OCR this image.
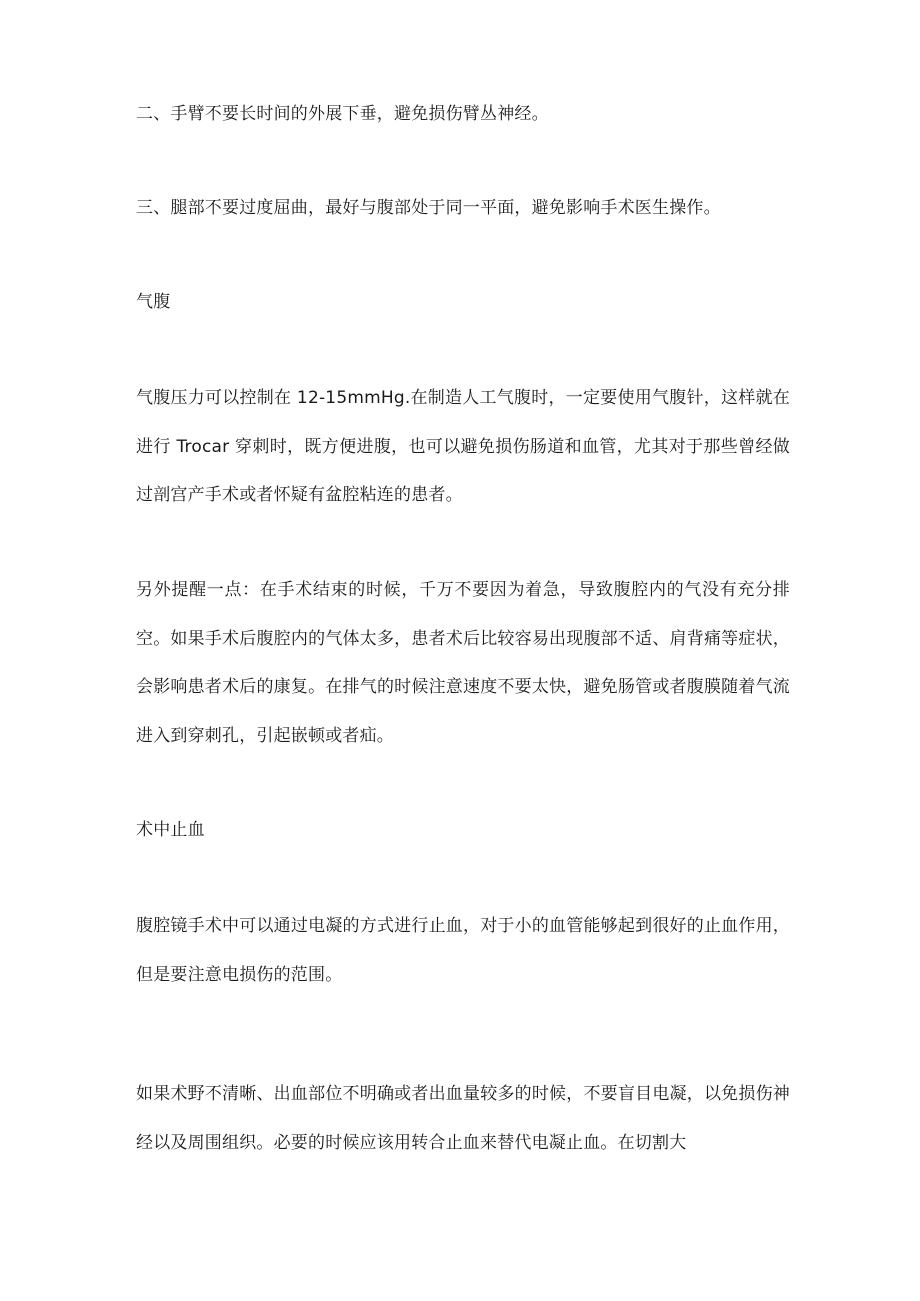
二、手臂不要长时间的外展下垂，避免损伤臂丛神经。

三、腿部不要过度屈曲，最好与腹部处于同一平面，避免影响手术医生操作。

气腹

气腹压力可以控制在 12-15mmHg.在制造人工气腹时，一定要使用气腹针，这样就在进行 Trocar 穿刺时，既方便进腹，也可以避免损伤肠道和血管，尤其对于那些曾经做过剖宫产手术或者怀疑有盆腔粘连的患者。

另外提醒一点：在手术结束的时候，千万不要因为着急，导致腹腔内的气没有充分排空。如果手术后腹腔内的气体太多，患者术后比较容易出现腹部不适、肩背痛等症状，会影响患者术后的康复。在排气的时候注意速度不要太快，避免肠管或者腹膜随着气流进入到穿刺孔，引起嵌顿或者疝。

术中止血

腹腔镜手术中可以通过电凝的方式进行止血，对于小的血管能够起到很好的止血作用，但是要注意电损伤的范围。

如果术野不清晰、出血部位不明确或者出血量较多的时候，不要盲目电凝，以免损伤神经以及周围组织。必要的时候应该用转合止血来替代电凝止血。在切割大
